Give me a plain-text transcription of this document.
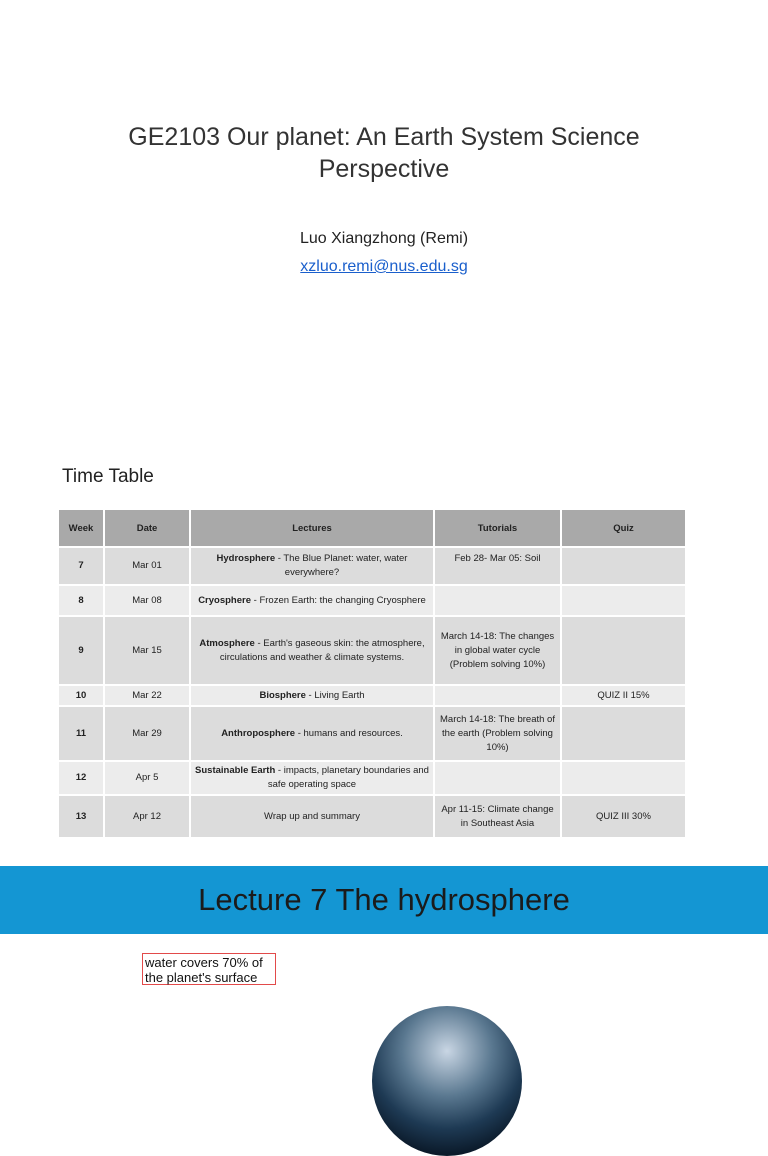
GE2103 Our planet: An Earth System Science Perspective
Luo Xiangzhong (Remi)
xzluo.remi@nus.edu.sg
Time Table
Week	Date	Lectures	Tutorials	Quiz
7	Mar 01	Hydrosphere - The Blue Planet: water, water everywhere?	Feb 28- Mar 05: Soil	
8	Mar 08	Cryosphere - Frozen Earth: the changing Cryosphere		
9	Mar 15	Atmosphere - Earth's gaseous skin: the atmosphere, circulations and weather & climate systems.	March 14-18: The changes in global water cycle (Problem solving 10%)	
10	Mar 22	Biosphere - Living Earth		QUIZ II 15%
11	Mar 29	Anthroposphere - humans and resources.	March 14-18: The breath of the earth (Problem solving 10%)	
12	Apr 5	Sustainable Earth - impacts, planetary boundaries and safe operating space		
13	Apr 12	Wrap up and summary	Apr 11-15: Climate change in Southeast Asia	QUIZ III 30%
Lecture 7 The hydrosphere
water covers 70% of the planet's surface
